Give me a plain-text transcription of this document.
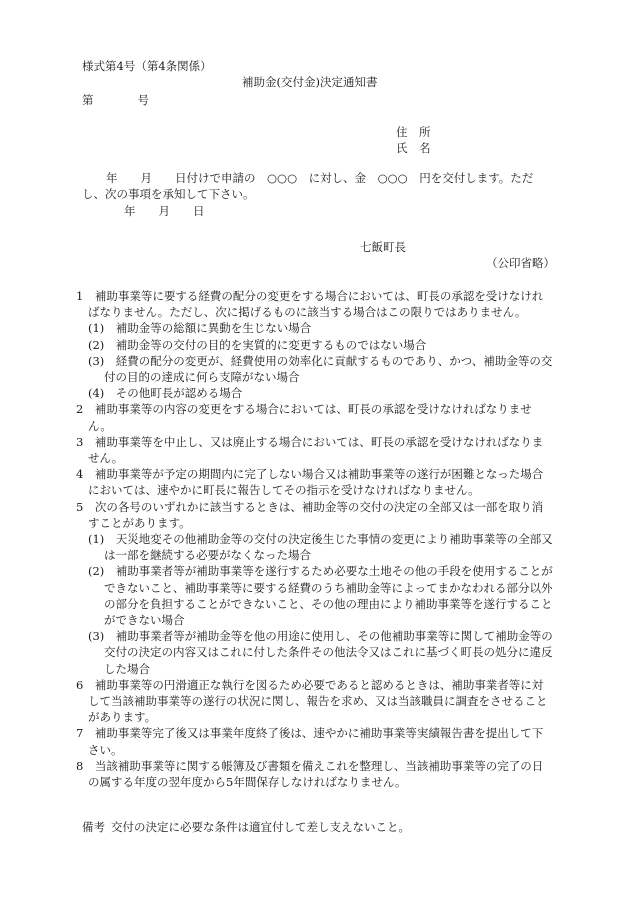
様式第4号（第4条関係）
補助金(交付金)決定通知書
第	号
住　所
氏　名
年　　月　　日付けで申請の　○○○　に対し、金　○○○　円を交付します。ただし、次の事項を承知して下さい。
年　　月　　日
七飯町長
（公印省略）
1　補助事業等に要する経費の配分の変更をする場合においては、町長の承認を受けなければなりません。ただし、次に掲げるものに該当する場合はこの限りではありません。
(1)　補助金等の総額に異動を生じない場合
(2)　補助金等の交付の目的を実質的に変更するものではない場合
(3)　経費の配分の変更が、経費使用の効率化に貢献するものであり、かつ、補助金等の交付の目的の達成に何ら支障がない場合
(4)　その他町長が認める場合
2　補助事業等の内容の変更をする場合においては、町長の承認を受けなければなりません。
3　補助事業等を中止し、又は廃止する場合においては、町長の承認を受けなければなりません。
4　補助事業等が予定の期間内に完了しない場合又は補助事業等の遂行が困難となった場合においては、速やかに町長に報告してその指示を受けなければなりません。
5　次の各号のいずれかに該当するときは、補助金等の交付の決定の全部又は一部を取り消すことがあります。
(1)　天災地変その他補助金等の交付の決定後生じた事情の変更により補助事業等の全部又は一部を継続する必要がなくなった場合
(2)　補助事業者等が補助事業等を遂行するため必要な土地その他の手段を使用することができないこと、補助事業等に要する経費のうち補助金等によってまかなわれる部分以外の部分を負担することができないこと、その他の理由により補助事業等を遂行することができない場合
(3)　補助事業者等が補助金等を他の用途に使用し、その他補助事業等に関して補助金等の交付の決定の内容又はこれに付した条件その他法令又はこれに基づく町長の処分に違反した場合
6　補助事業等の円滑適正な執行を図るため必要であると認めるときは、補助事業者等に対して当該補助事業等の遂行の状況に関し、報告を求め、又は当該職員に調査をさせることがあります。
7　補助事業等完了後又は事業年度終了後は、速やかに補助事業等実績報告書を提出して下さい。
8　当該補助事業等に関する帳簿及び書類を備えこれを整理し、当該補助事業等の完了の日の属する年度の翌年度から5年間保存しなければなりません。
備考 交付の決定に必要な条件は適宜付して差し支えないこと。
